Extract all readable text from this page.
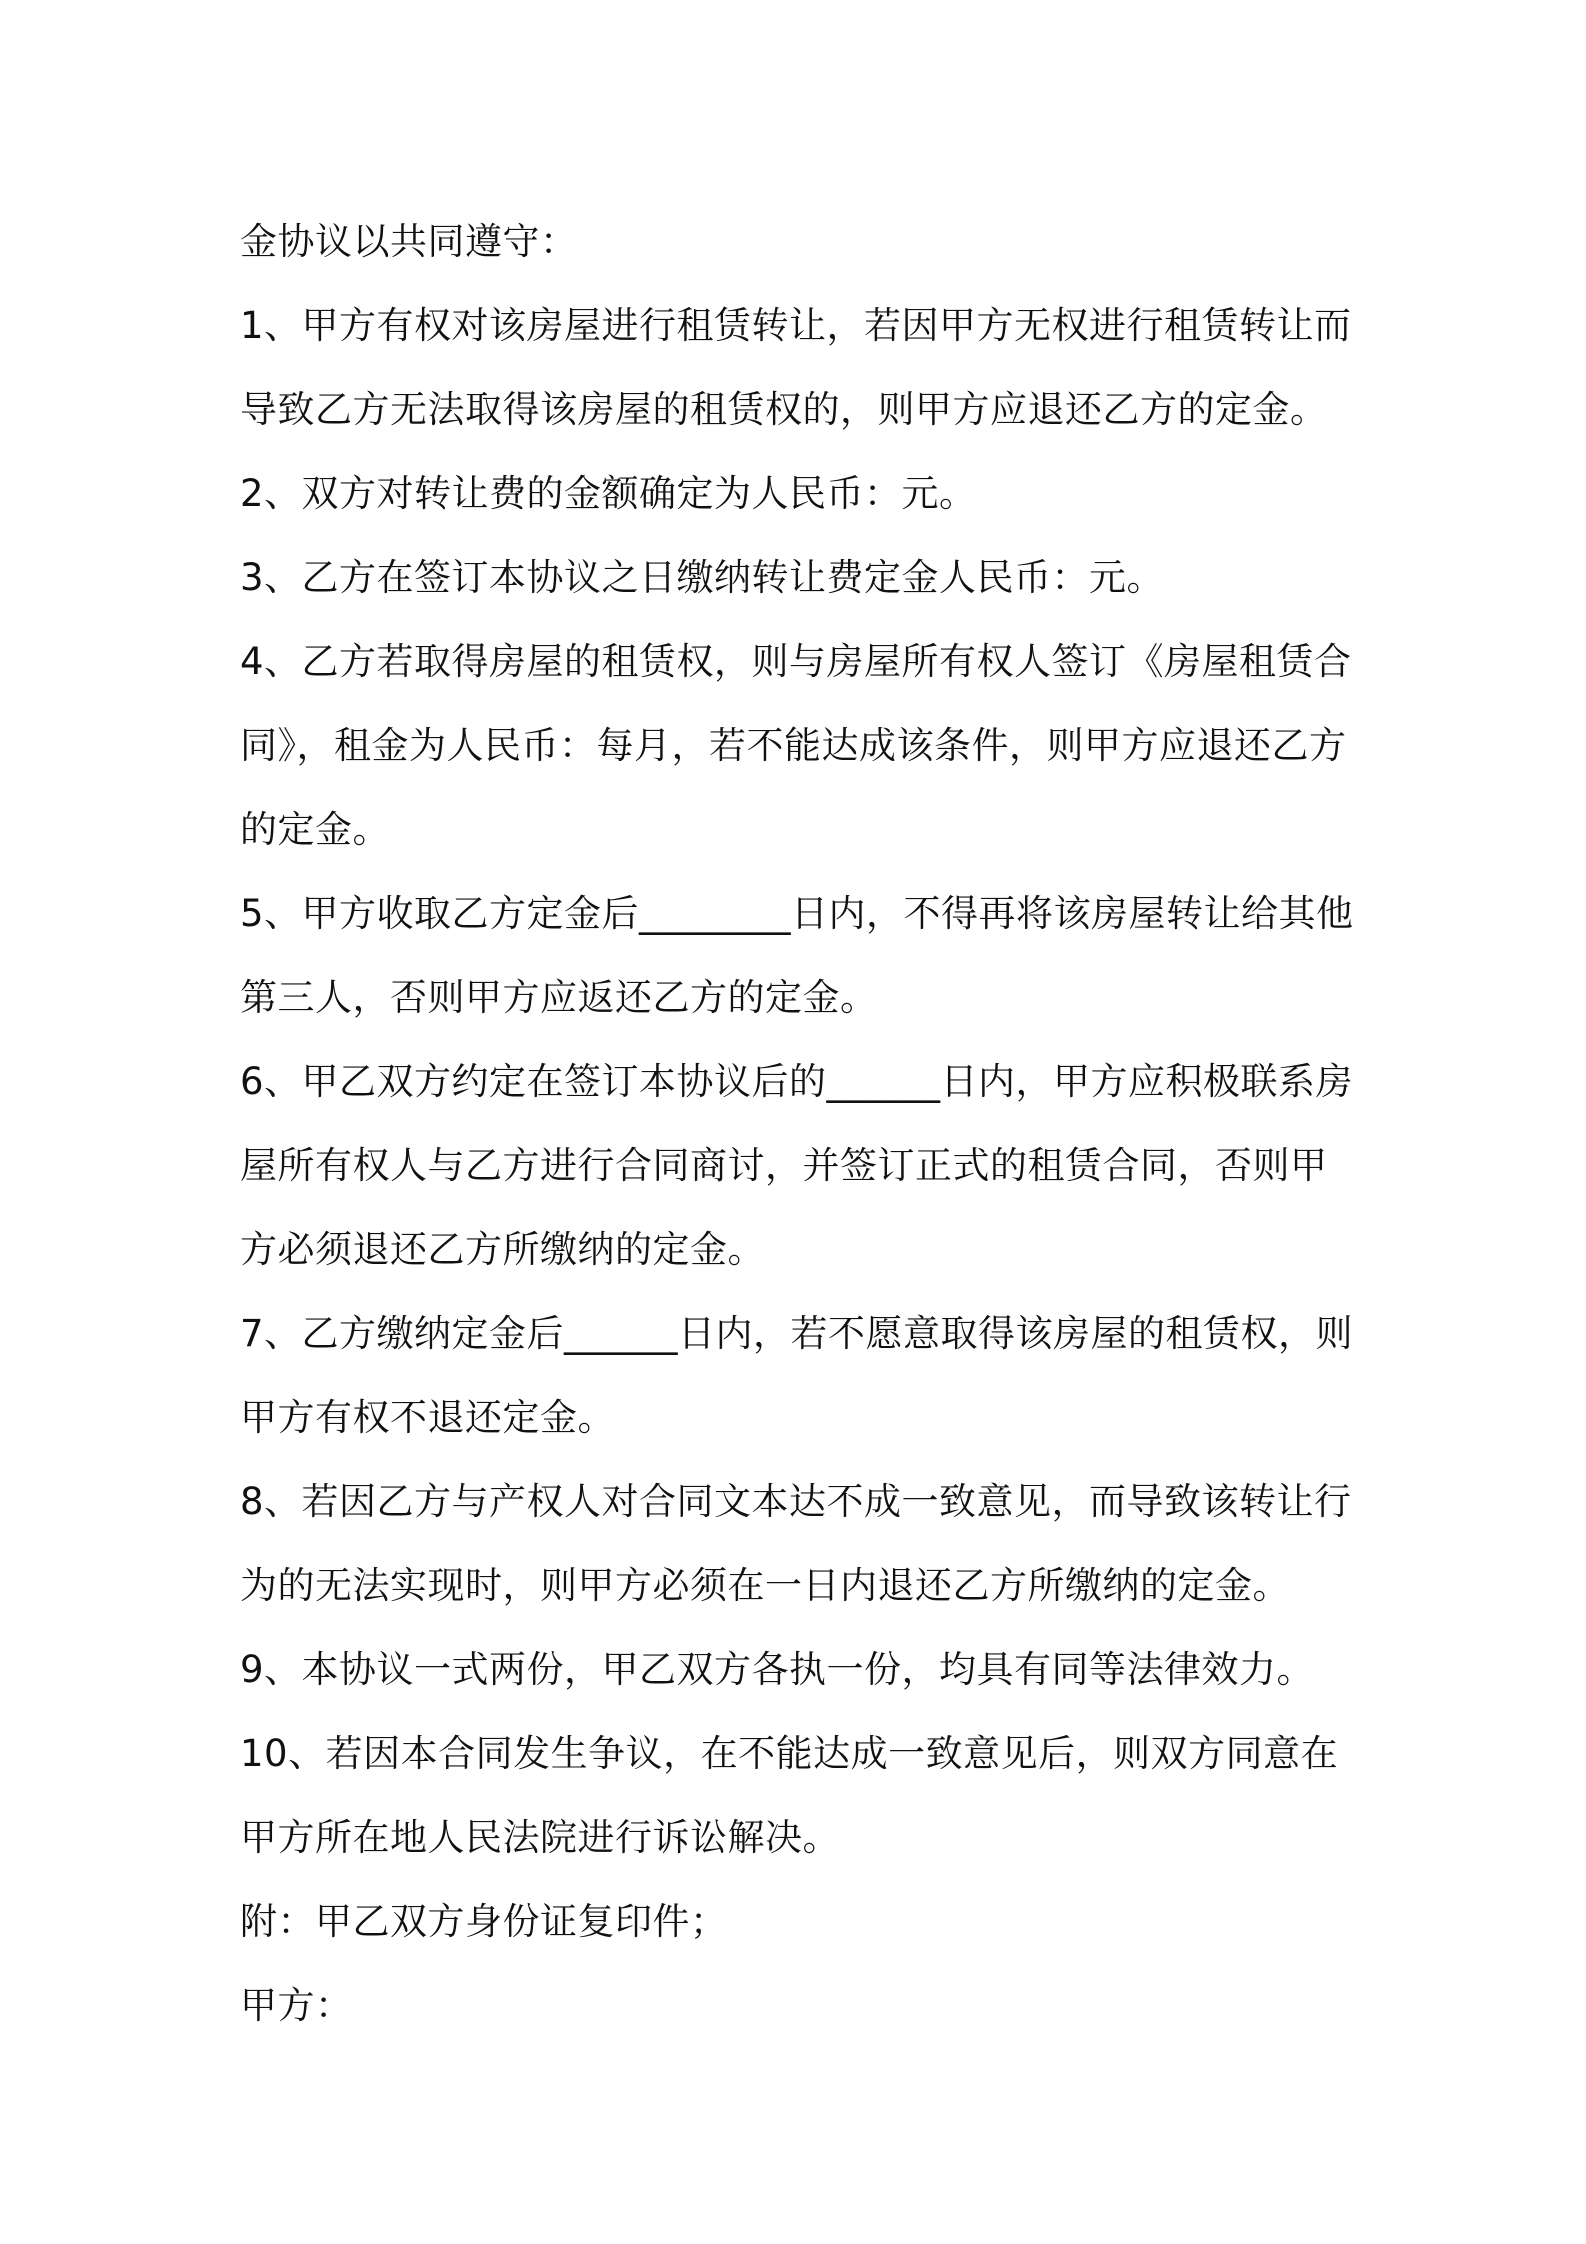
金协议以共同遵守：

1、甲方有权对该房屋进行租赁转让，若因甲方无权进行租赁转让而导致乙方无法取得该房屋的租赁权的，则甲方应退还乙方的定金。

2、双方对转让费的金额确定为人民币：元。

3、乙方在签订本协议之日缴纳转让费定金人民币：元。

4、乙方若取得房屋的租赁权，则与房屋所有权人签订《房屋租赁合同》，租金为人民币：每月，若不能达成该条件，则甲方应退还乙方的定金。

5、甲方收取乙方定金后________日内，不得再将该房屋转让给其他第三人，否则甲方应返还乙方的定金。

6、甲乙双方约定在签订本协议后的______日内，甲方应积极联系房屋所有权人与乙方进行合同商讨，并签订正式的租赁合同，否则甲方必须退还乙方所缴纳的定金。

7、乙方缴纳定金后______日内，若不愿意取得该房屋的租赁权，则甲方有权不退还定金。

8、若因乙方与产权人对合同文本达不成一致意见，而导致该转让行为的无法实现时，则甲方必须在一日内退还乙方所缴纳的定金。

9、本协议一式两份，甲乙双方各执一份，均具有同等法律效力。

10、若因本合同发生争议，在不能达成一致意见后，则双方同意在甲方所在地人民法院进行诉讼解决。

附：甲乙双方身份证复印件；

甲方：
